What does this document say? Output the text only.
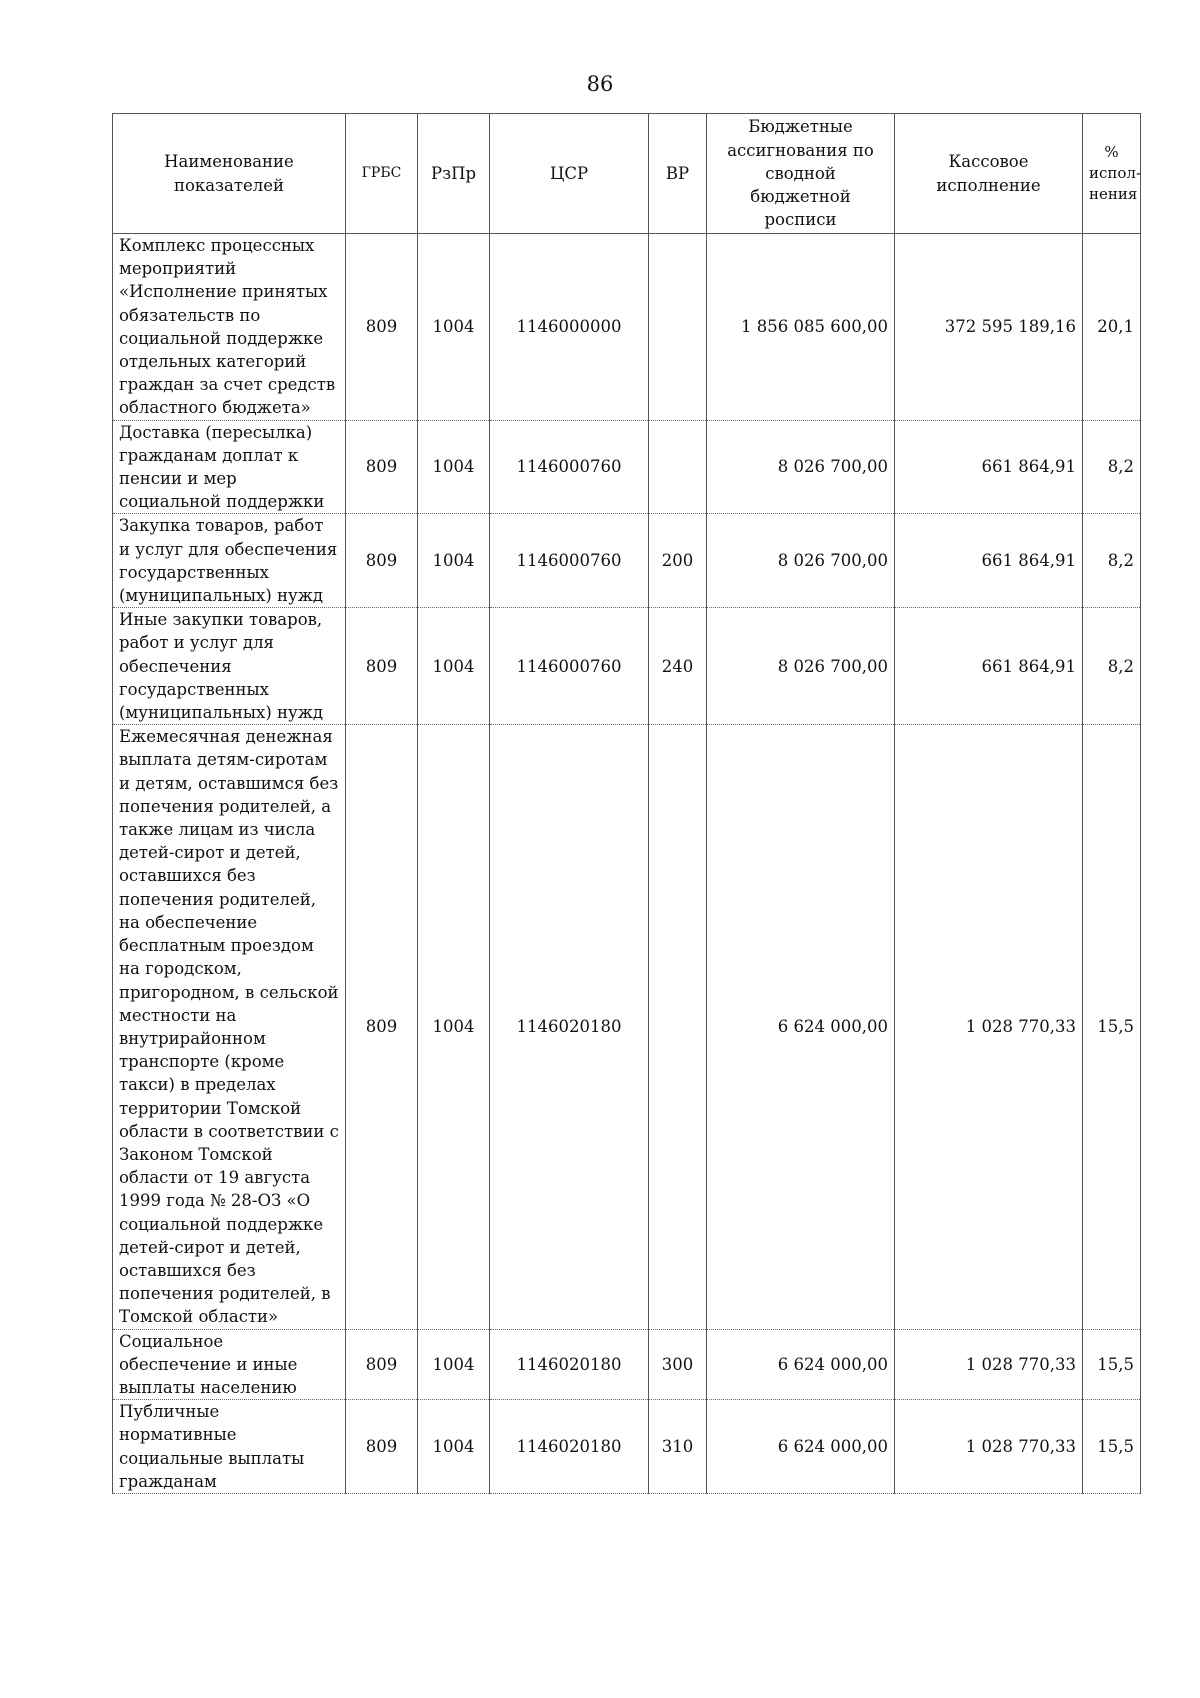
86
Наименование показателей	ГРБС	РзПр	ЦСР	ВР	Бюджетные ассигнования по сводной бюджетной росписи	Кассовое исполнение	% испол-нения
Комплекс процессных мероприятий «Исполнение принятых обязательств по социальной поддержке отдельных категорий граждан за счет средств областного бюджета»	809	1004	1146000000		1 856 085 600,00	372 595 189,16	20,1
Доставка (пересылка) гражданам доплат к пенсии и мер социальной поддержки	809	1004	1146000760		8 026 700,00	661 864,91	8,2
Закупка товаров, работ и услуг для обеспечения государственных (муниципальных) нужд	809	1004	1146000760	200	8 026 700,00	661 864,91	8,2
Иные закупки товаров, работ и услуг для обеспечения государственных (муниципальных) нужд	809	1004	1146000760	240	8 026 700,00	661 864,91	8,2
Ежемесячная денежная выплата детям-сиротам и детям, оставшимся без попечения родителей, а также лицам из числа детей-сирот и детей, оставшихся без попечения родителей, на обеспечение бесплатным проездом на городском, пригородном, в сельской местности на внутрирайонном транспорте (кроме такси) в пределах территории Томской области в соответствии с Законом Томской области от 19 августа 1999 года № 28-ОЗ «О социальной поддержке детей-сирот и детей, оставшихся без попечения родителей, в Томской области»	809	1004	1146020180		6 624 000,00	1 028 770,33	15,5
Социальное обеспечение и иные выплаты населению	809	1004	1146020180	300	6 624 000,00	1 028 770,33	15,5
Публичные нормативные социальные выплаты гражданам	809	1004	1146020180	310	6 624 000,00	1 028 770,33	15,5
